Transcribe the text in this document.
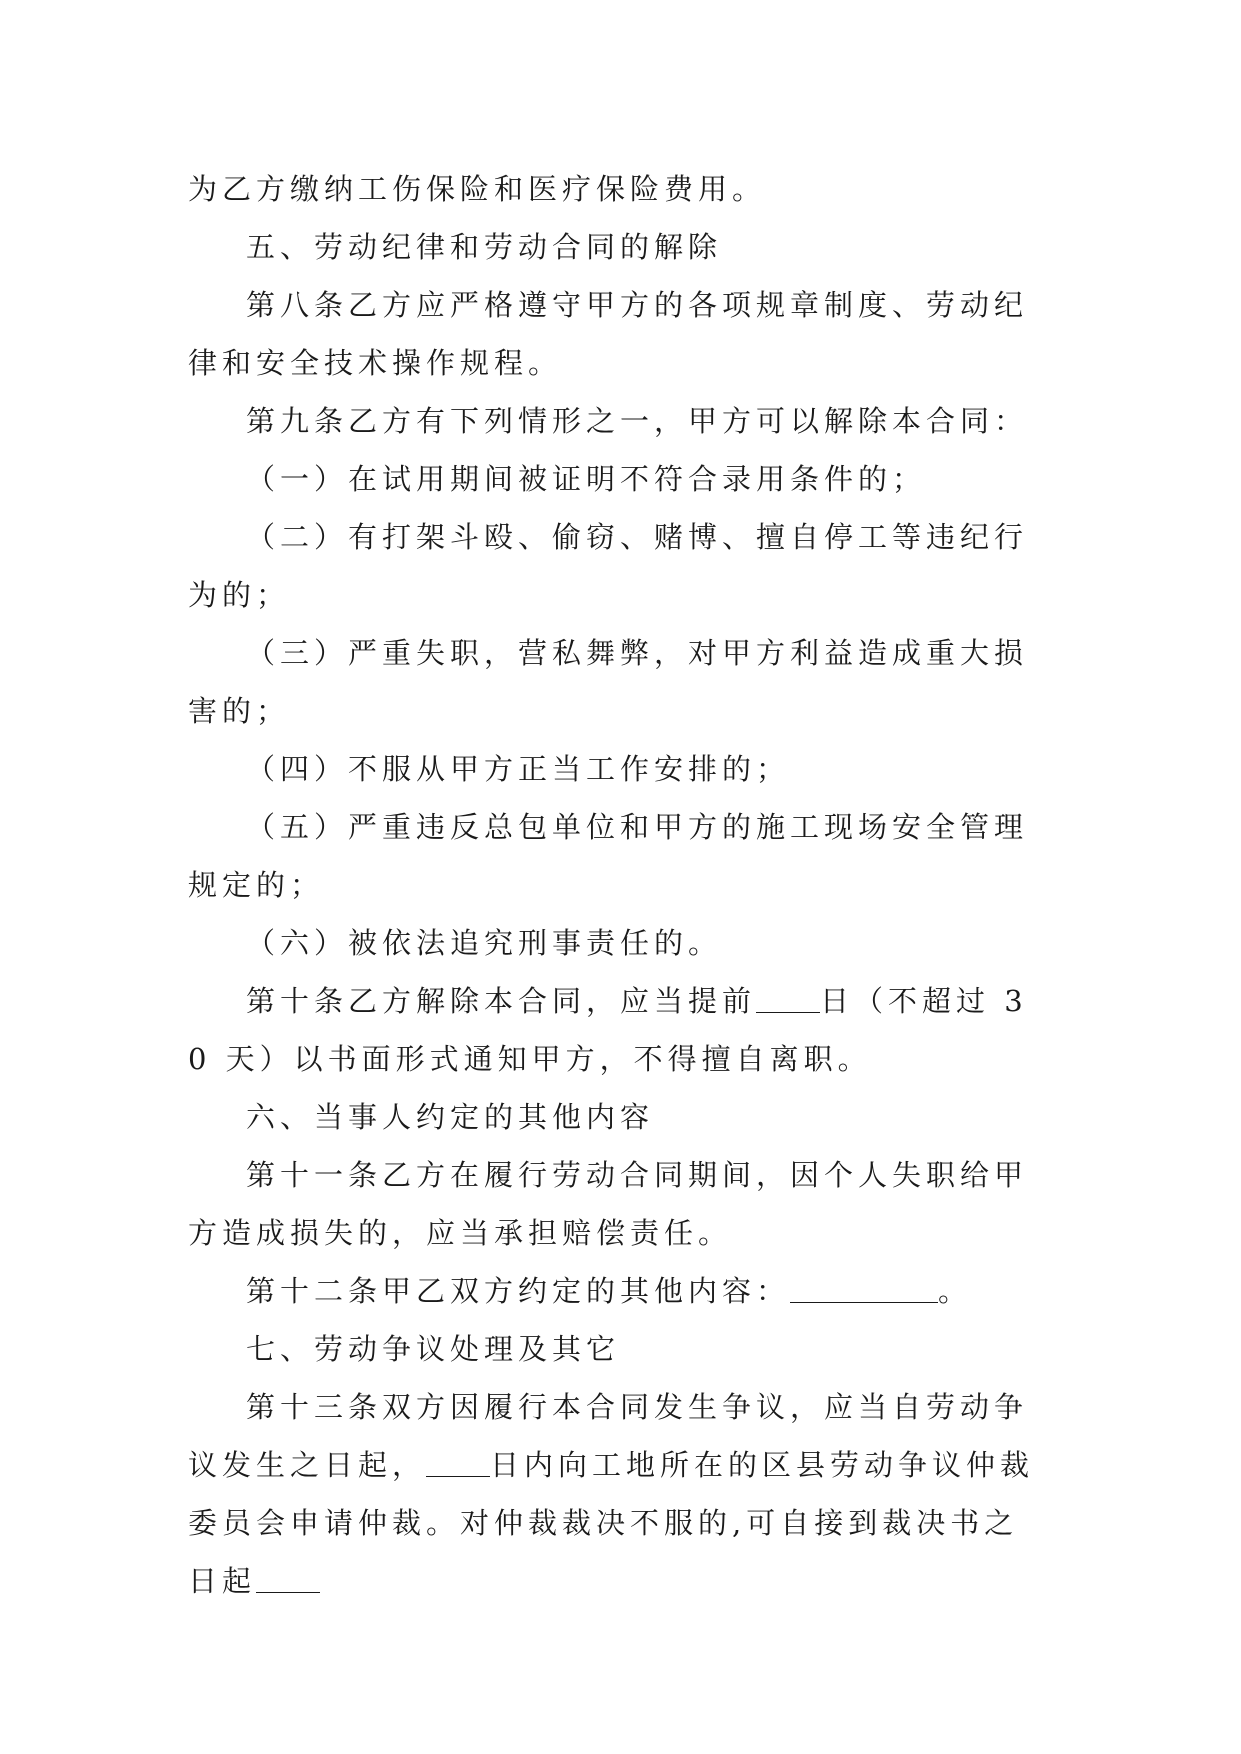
为乙方缴纳工伤保险和医疗保险费用。

五、劳动纪律和劳动合同的解除

第八条乙方应严格遵守甲方的各项规章制度、劳动纪律和安全技术操作规程。

第九条乙方有下列情形之一，甲方可以解除本合同：

（一）在试用期间被证明不符合录用条件的；

（二）有打架斗殴、偷窃、赌博、擅自停工等违纪行为的；

（三）严重失职，营私舞弊，对甲方利益造成重大损害的；

（四）不服从甲方正当工作安排的；

（五）严重违反总包单位和甲方的施工现场安全管理规定的；

（六）被依法追究刑事责任的。

第十条乙方解除本合同，应当提前 日（不超过 30 天）以书面形式通知甲方，不得擅自离职。

六、当事人约定的其他内容

第十一条乙方在履行劳动合同期间，因个人失职给甲方造成损失的，应当承担赔偿责任。

第十二条甲乙双方约定的其他内容：	。

七、劳动争议处理及其它

第十三条双方因履行本合同发生争议，应当自劳动争议发生之日起， 日内向工地所在的区县劳动争议仲裁委员会申请仲裁。对仲裁裁决不服的,可自接到裁决书之日起
